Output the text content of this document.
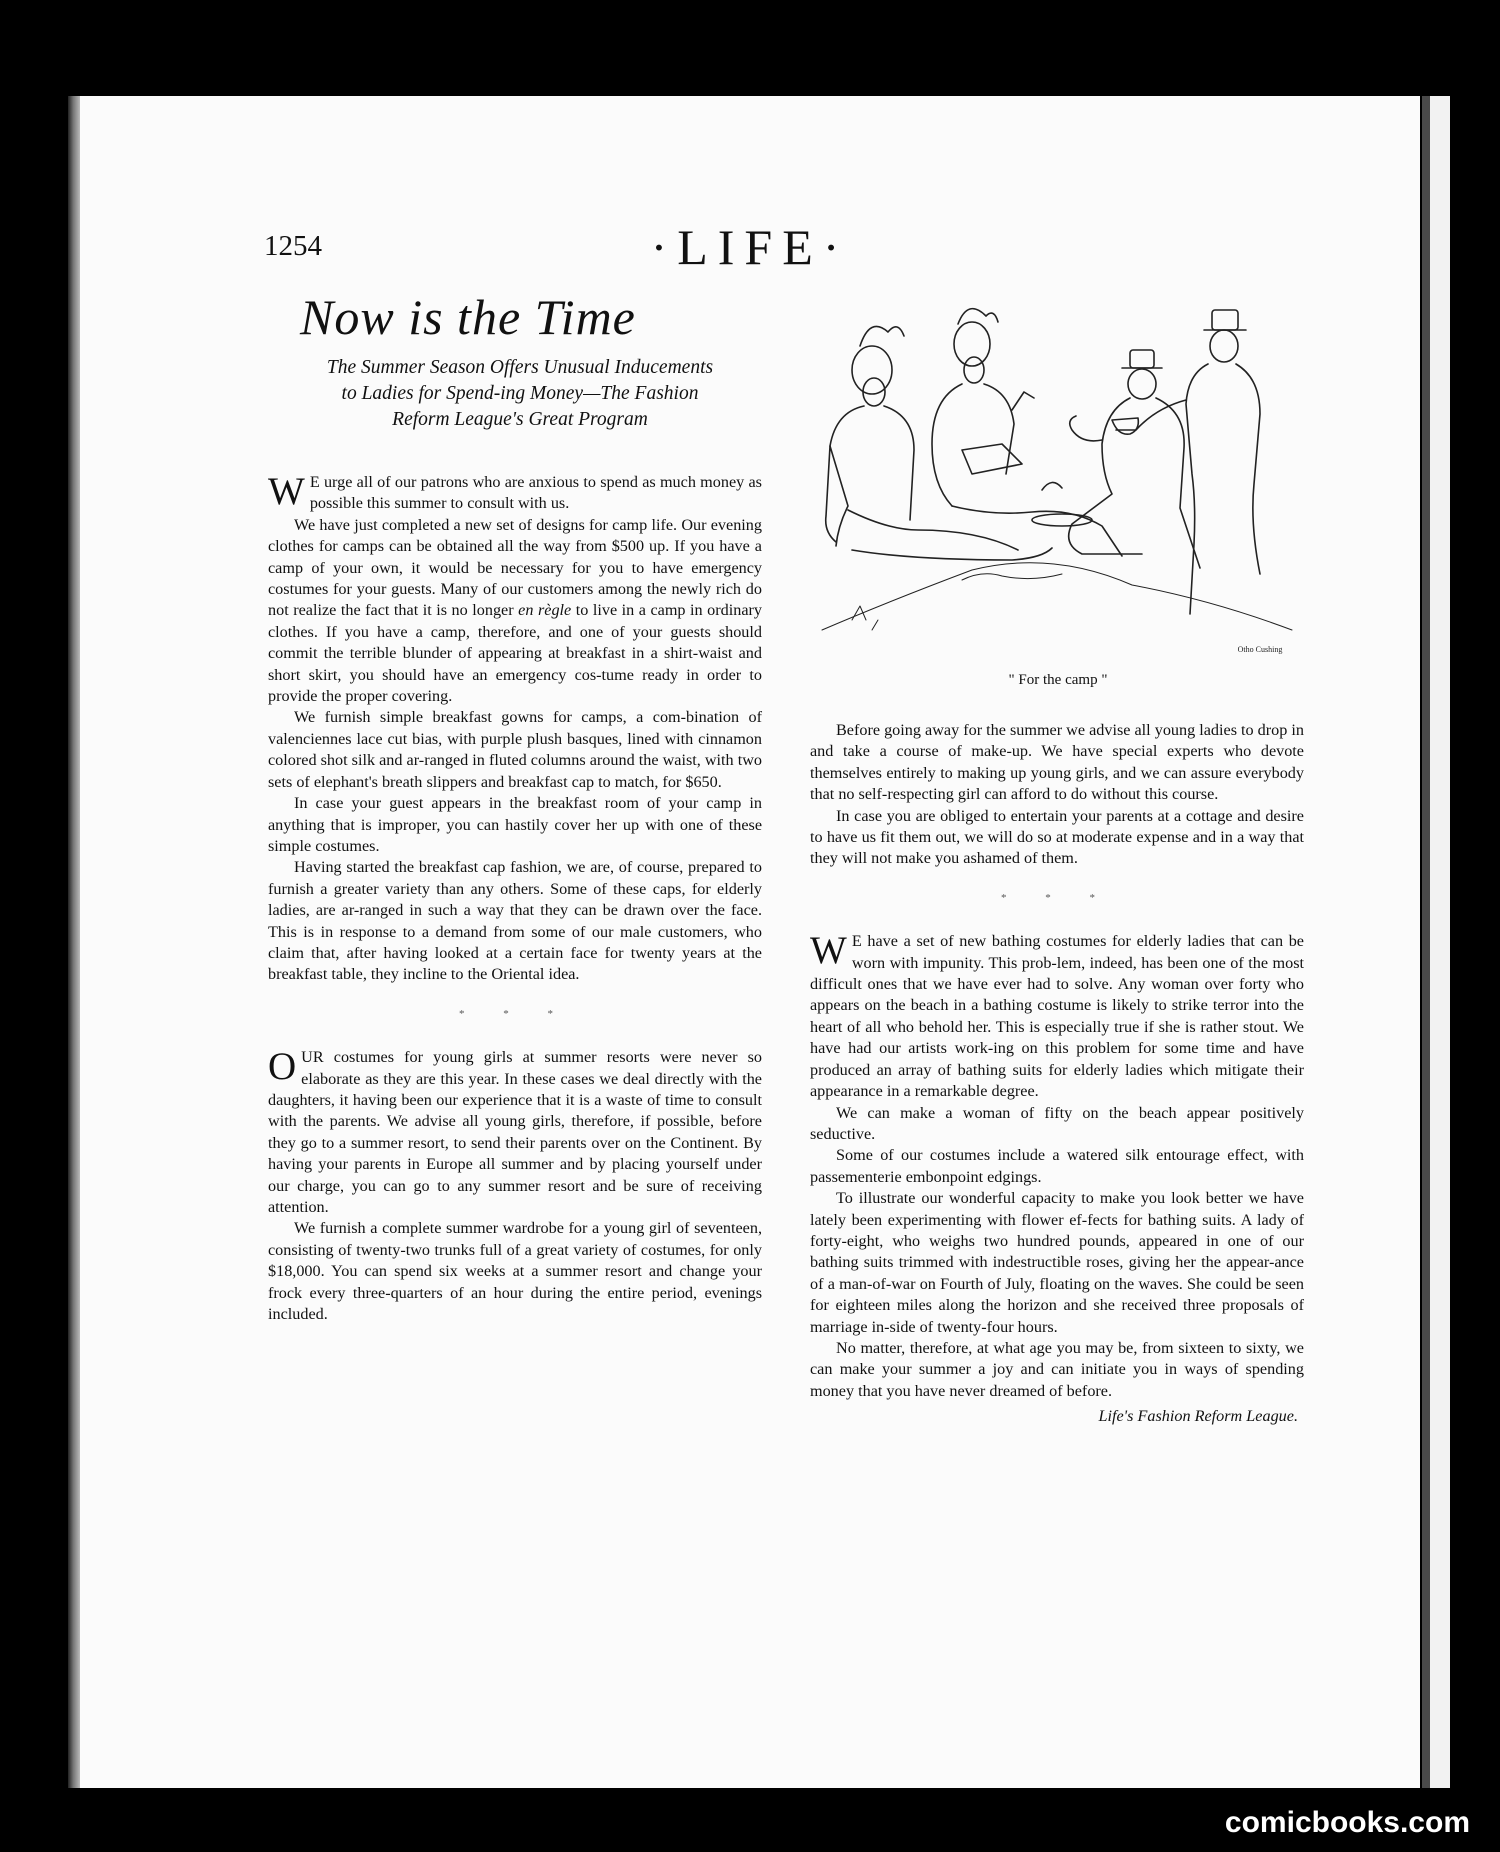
1254	·LIFE·
Now is the Time
The Summer Season Offers Unusual Inducements to Ladies for Spend-ing Money—The Fashion Reform League's Great Program

W E urge all of our patrons who are anxious to spend as much money as possible this summer to consult with us.

We have just completed a new set of designs for camp life. Our evening clothes for camps can be obtained all the way from $500 up. If you have a camp of your own, it would be necessary for you to have emergency costumes for your guests. Many of our customers among the newly rich do not realize the fact that it is no longer en règle to live in a camp in ordinary clothes. If you have a camp, therefore, and one of your guests should commit the terrible blunder of appearing at breakfast in a shirt-waist and short skirt, you should have an emergency cos-tume ready in order to provide the proper covering.

We furnish simple breakfast gowns for camps, a com-bination of valenciennes lace cut bias, with purple plush basques, lined with cinnamon colored shot silk and ar-ranged in fluted columns around the waist, with two sets of elephant's breath slippers and breakfast cap to match, for $650.

In case your guest appears in the breakfast room of your camp in anything that is improper, you can hastily cover her up with one of these simple costumes.

Having started the breakfast cap fashion, we are, of course, prepared to furnish a greater variety than any others. Some of these caps, for elderly ladies, are ar-ranged in such a way that they can be drawn over the face. This is in response to a demand from some of our male customers, who claim that, after having looked at a certain face for twenty years at the breakfast table, they incline to the Oriental idea.

* * *

OUR costumes for young girls at summer resorts were never so elaborate as they are this year. In these cases we deal directly with the daughters, it having been our experience that it is a waste of time to consult with the parents. We advise all young girls, therefore, if possible, before they go to a summer resort, to send their parents over on the Continent. By having your parents in Europe all summer and by placing yourself under our charge, you can go to any summer resort and be sure of receiving attention.

We furnish a complete summer wardrobe for a young girl of seventeen, consisting of twenty-two trunks full of a great variety of costumes, for only $18,000. You can spend six weeks at a summer resort and change your frock every three-quarters of an hour during the entire period, evenings included.

Otho Cushing
" For the camp "

Before going away for the summer we advise all young ladies to drop in and take a course of make-up. We have special experts who devote themselves entirely to making up young girls, and we can assure everybody that no self-respecting girl can afford to do without this course.

In case you are obliged to entertain your parents at a cottage and desire to have us fit them out, we will do so at moderate expense and in a way that they will not make you ashamed of them.

* * *

W E have a set of new bathing costumes for elderly ladies that can be worn with impunity. This prob-lem, indeed, has been one of the most difficult ones that we have ever had to solve. Any woman over forty who appears on the beach in a bathing costume is likely to strike terror into the heart of all who behold her. This is especially true if she is rather stout. We have had our artists work-ing on this problem for some time and have produced an array of bathing suits for elderly ladies which mitigate their appearance in a remarkable degree.

We can make a woman of fifty on the beach appear positively seductive.

Some of our costumes include a watered silk entourage effect, with passementerie embonpoint edgings.

To illustrate our wonderful capacity to make you look better we have lately been experimenting with flower ef-fects for bathing suits. A lady of forty-eight, who weighs two hundred pounds, appeared in one of our bathing suits trimmed with indestructible roses, giving her the appear-ance of a man-of-war on Fourth of July, floating on the waves. She could be seen for eighteen miles along the horizon and she received three proposals of marriage in-side of twenty-four hours.

No matter, therefore, at what age you may be, from sixteen to sixty, we can make your summer a joy and can initiate you in ways of spending money that you have never dreamed of before.

Life's Fashion Reform League.

comicbooks.com
